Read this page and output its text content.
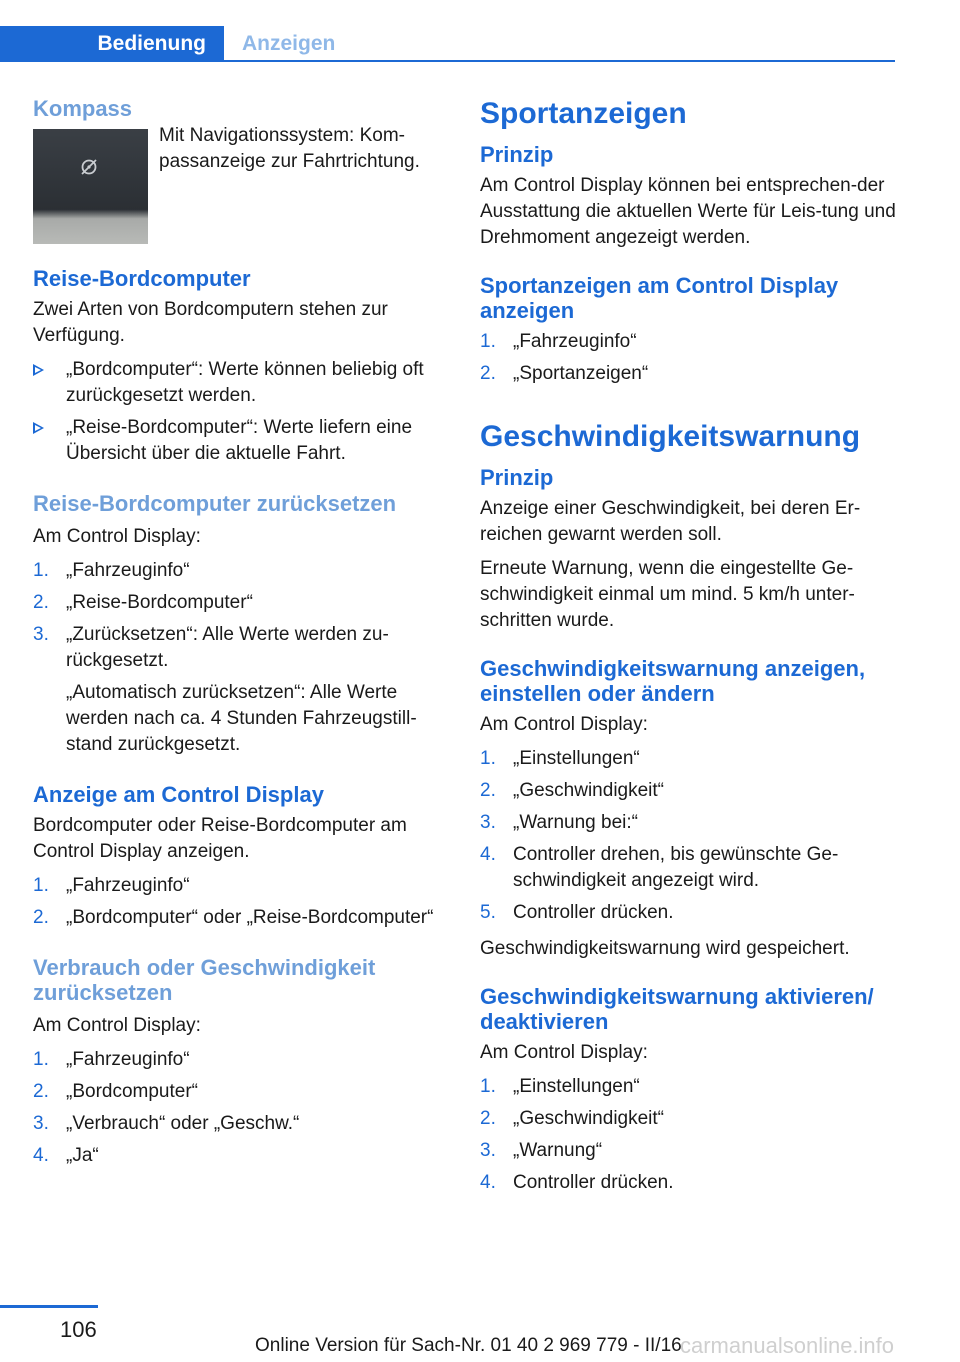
Bedienung	Anzeigen
Kompass

Mit Navigationssystem: Kom-passanzeige zur Fahrtrichtung.

Reise-Bordcomputer

Zwei Arten von Bordcomputern stehen zur Verfügung.

„Bordcomputer“: Werte können beliebig oft zurückgesetzt werden.
„Reise-Bordcomputer“: Werte liefern eine Übersicht über die aktuelle Fahrt.
Reise-Bordcomputer zurücksetzen

Am Control Display:

1. „Fahrzeuginfo“
2. „Reise-Bordcomputer“
3. „Zurücksetzen“: Alle Werte werden zu-rückgesetzt.
„Automatisch zurücksetzen“: Alle Werte werden nach ca. 4 Stunden Fahrzeugstill-stand zurückgesetzt.
Anzeige am Control Display

Bordcomputer oder Reise-Bordcomputer am Control Display anzeigen.

1. „Fahrzeuginfo“
2. „Bordcomputer“ oder „Reise-Bordcomputer“
Verbrauch oder Geschwindigkeit zurücksetzen

Am Control Display:

1. „Fahrzeuginfo“
2. „Bordcomputer“
3. „Verbrauch“ oder „Geschw.“
4. „Ja“
Sportanzeigen
Prinzip

Am Control Display können bei entsprechen-der Ausstattung die aktuellen Werte für Leis-tung und Drehmoment angezeigt werden.

Sportanzeigen am Control Display anzeigen
1. „Fahrzeuginfo“
2. „Sportanzeigen“
Geschwindigkeitswarnung
Prinzip

Anzeige einer Geschwindigkeit, bei deren Er-reichen gewarnt werden soll.

Erneute Warnung, wenn die eingestellte Ge-schwindigkeit einmal um mind. 5 km/h unter-schritten wurde.

Geschwindigkeitswarnung anzeigen, einstellen oder ändern

Am Control Display:

1. „Einstellungen“
2. „Geschwindigkeit“
3. „Warnung bei:“
4. Controller drehen, bis gewünschte Ge-schwindigkeit angezeigt wird.
5. Controller drücken.

Geschwindigkeitswarnung wird gespeichert.

Geschwindigkeitswarnung aktivieren/ deaktivieren

Am Control Display:

1. „Einstellungen“
2. „Geschwindigkeit“
3. „Warnung“
4. Controller drücken.
106
Online Version für Sach-Nr. 01 40 2 969 779 - II/16
carmanualsonline.info
